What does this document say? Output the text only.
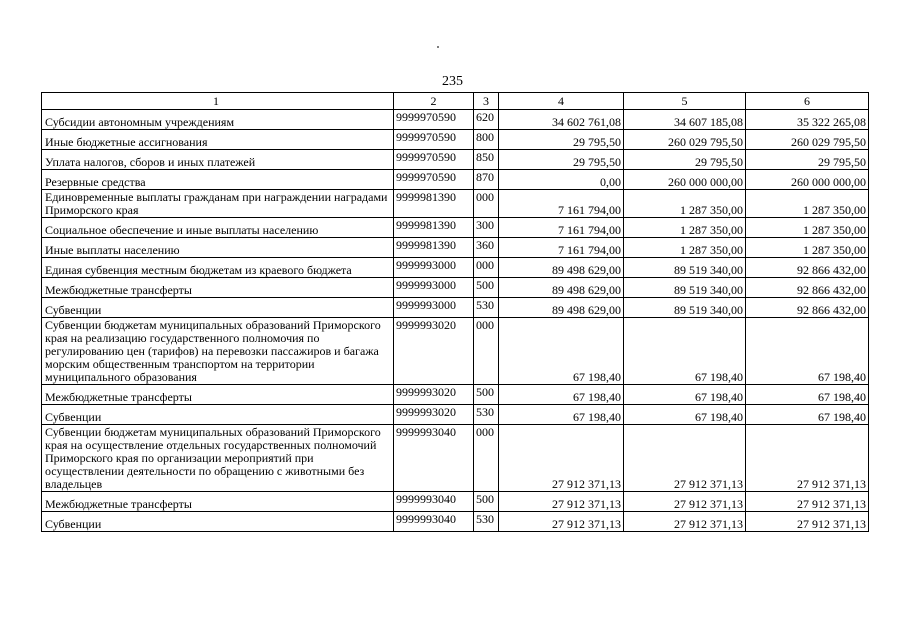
235
1	2	3	4	5	6
Субсидии автономным учреждениям	9999970590	620	34 602 761,08	34 607 185,08	35 322 265,08
Иные бюджетные ассигнования	9999970590	800	29 795,50	260 029 795,50	260 029 795,50
Уплата налогов, сборов и иных платежей	9999970590	850	29 795,50	29 795,50	29 795,50
Резервные средства	9999970590	870	0,00	260 000 000,00	260 000 000,00
Единовременные выплаты гражданам при награждении наградами Приморского края	9999981390	000	7 161 794,00	1 287 350,00	1 287 350,00
Социальное обеспечение и иные выплаты населению	9999981390	300	7 161 794,00	1 287 350,00	1 287 350,00
Иные выплаты населению	9999981390	360	7 161 794,00	1 287 350,00	1 287 350,00
Единая субвенция местным бюджетам из краевого бюджета	9999993000	000	89 498 629,00	89 519 340,00	92 866 432,00
Межбюджетные трансферты	9999993000	500	89 498 629,00	89 519 340,00	92 866 432,00
Субвенции	9999993000	530	89 498 629,00	89 519 340,00	92 866 432,00
Субвенции бюджетам муниципальных образований Приморского края на реализацию государственного полномочия по регулированию цен (тарифов) на перевозки пассажиров и багажа морским общественным транспортом на территории муниципального образования	9999993020	000	67 198,40	67 198,40	67 198,40
Межбюджетные трансферты	9999993020	500	67 198,40	67 198,40	67 198,40
Субвенции	9999993020	530	67 198,40	67 198,40	67 198,40
Субвенции бюджетам муниципальных образований Приморского края на осуществление отдельных государственных полномочий Приморского края по организации мероприятий при осуществлении деятельности по обращению с животными без владельцев	9999993040	000	27 912 371,13	27 912 371,13	27 912 371,13
Межбюджетные трансферты	9999993040	500	27 912 371,13	27 912 371,13	27 912 371,13
Субвенции	9999993040	530	27 912 371,13	27 912 371,13	27 912 371,13
